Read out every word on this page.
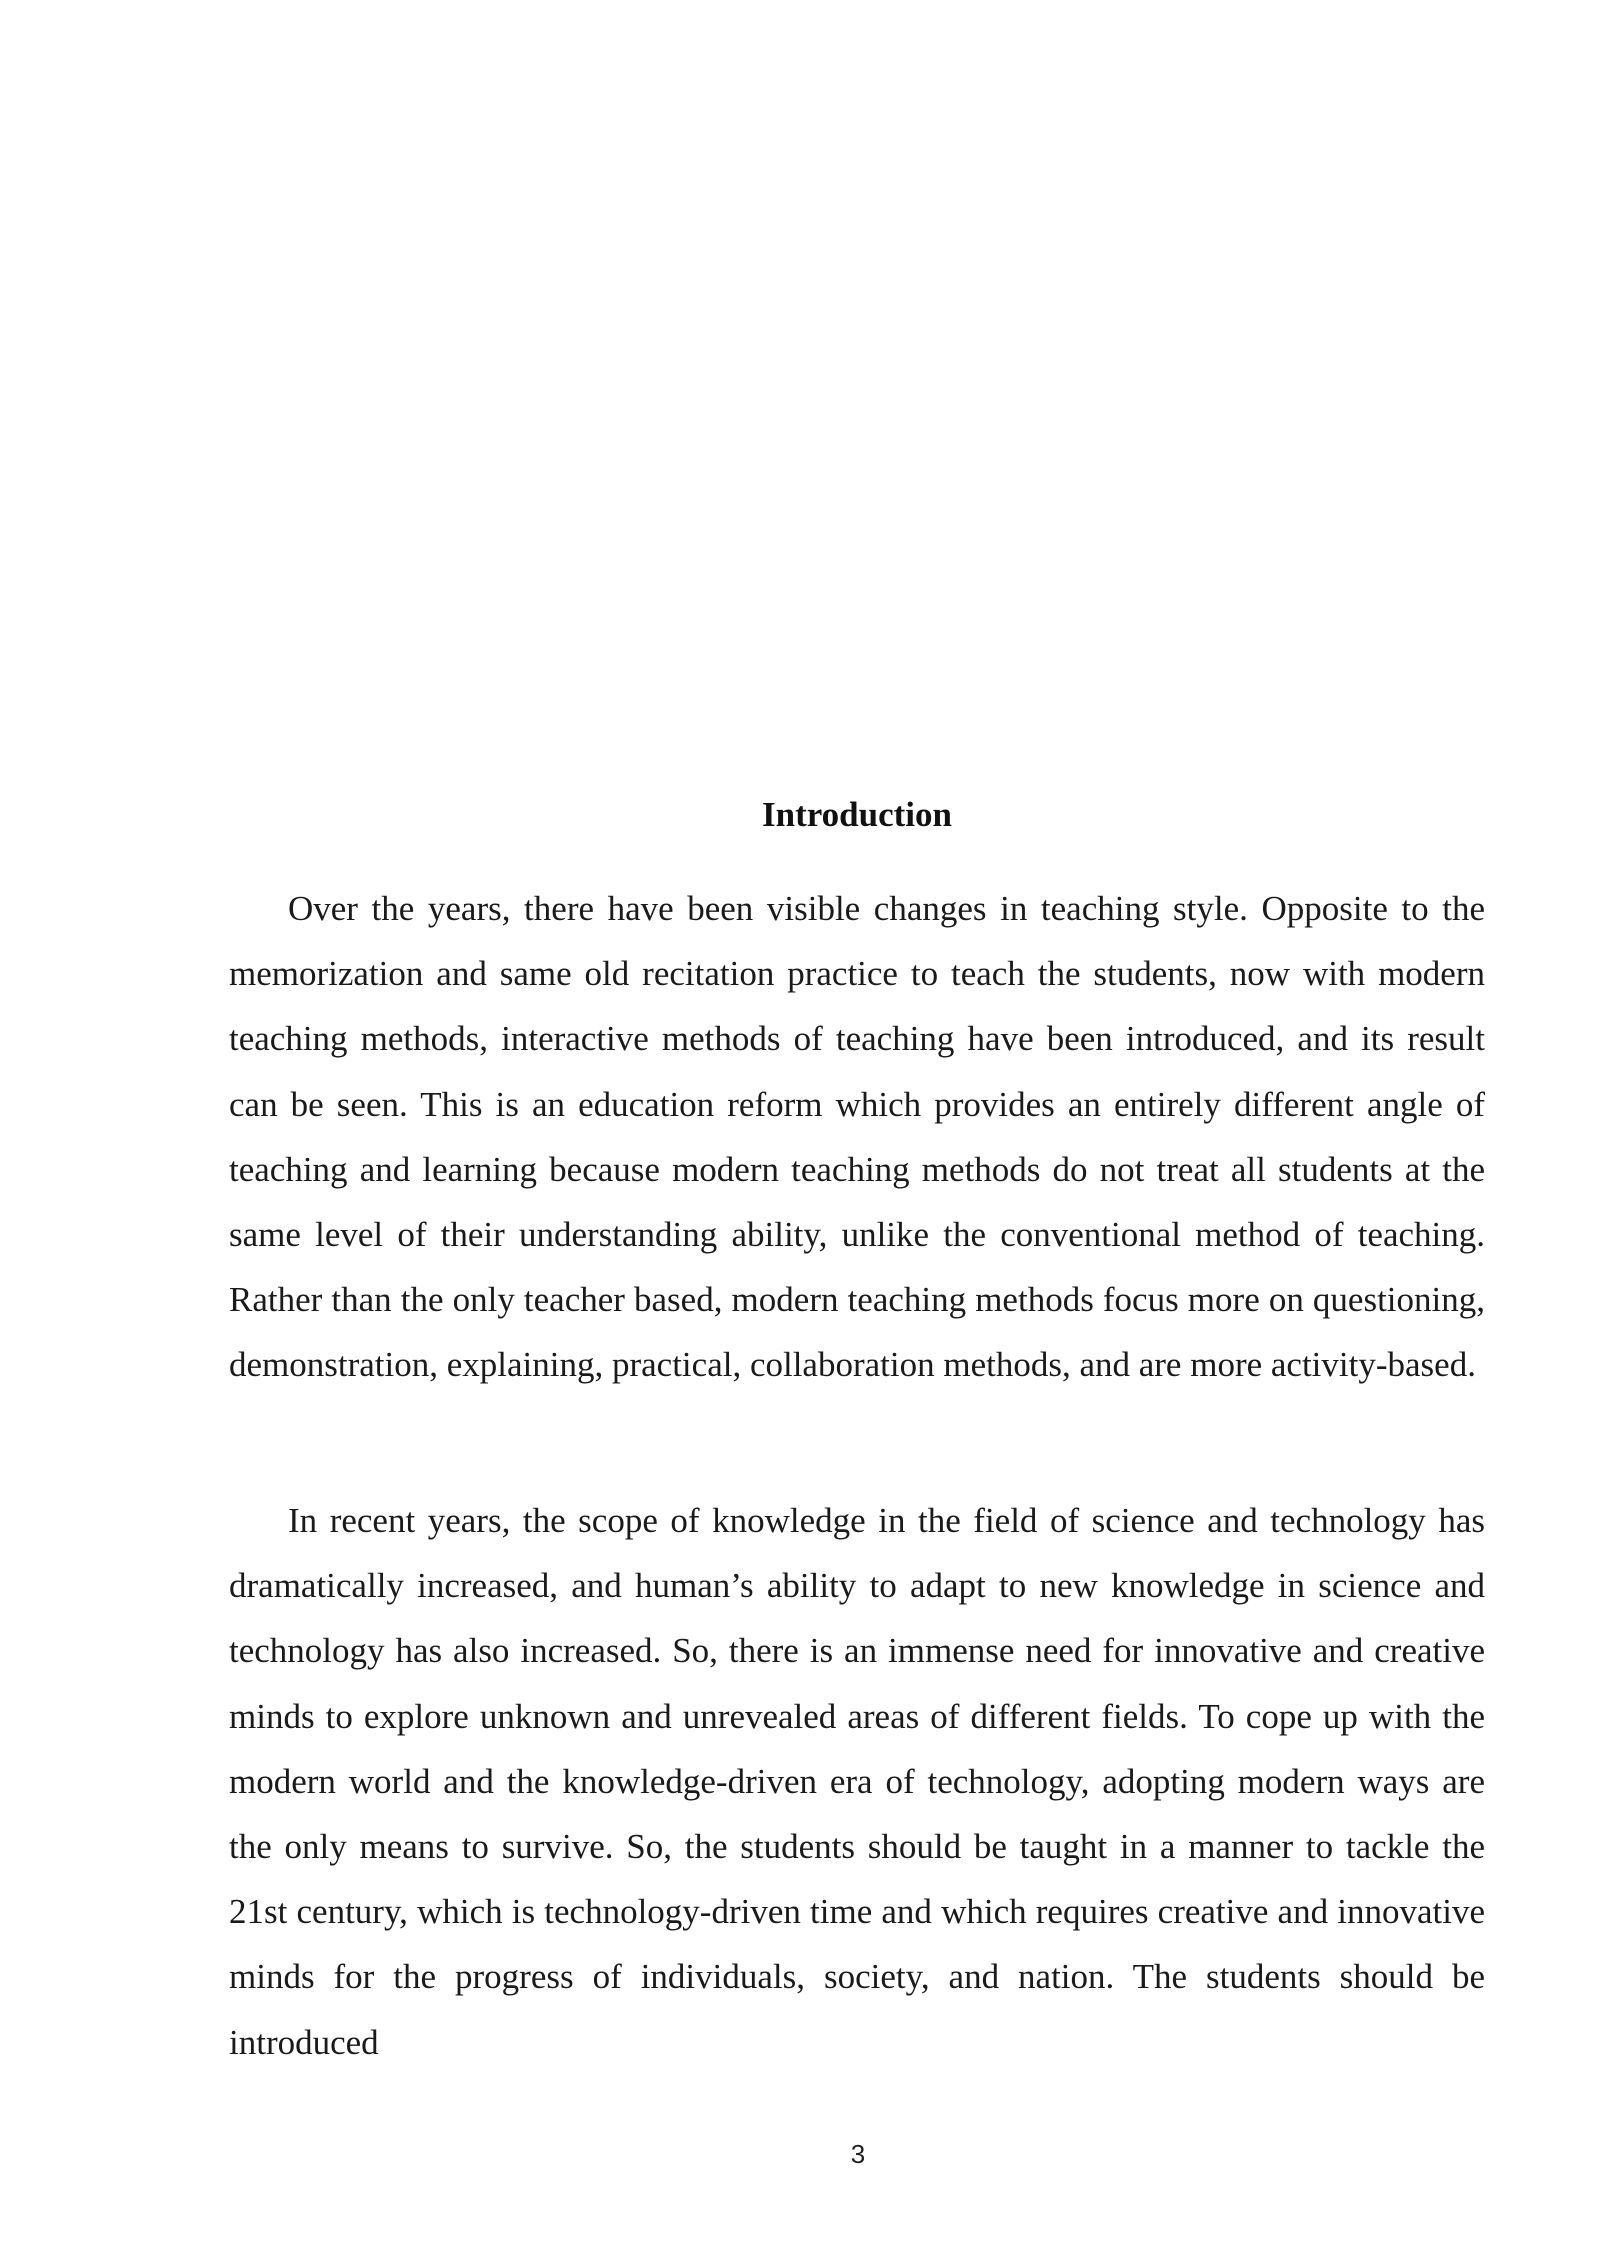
Introduction

Over the years, there have been visible changes in teaching style. Opposite to the memorization and same old recitation practice to teach the students, now with modern teaching methods, interactive methods of teaching have been introduced, and its result can be seen. This is an education reform which provides an entirely different angle of teaching and learning because modern teaching methods do not treat all students at the same level of their understanding ability, unlike the conventional method of teaching. Rather than the only teacher based, modern teaching methods focus more on questioning, demonstration, explaining, practical, collaboration methods, and are more activity-based.

In recent years, the scope of knowledge in the field of science and technology has dramatically increased, and human’s ability to adapt to new knowledge in science and technology has also increased. So, there is an immense need for innovative and creative minds to explore unknown and unrevealed areas of different fields. To cope up with the modern world and the knowledge-driven era of technology, adopting modern ways are the only means to survive. So, the students should be taught in a manner to tackle the 21st century, which is technology-driven time and which requires creative and innovative minds for the progress of individuals, society, and nation. The students should be introduced

3
